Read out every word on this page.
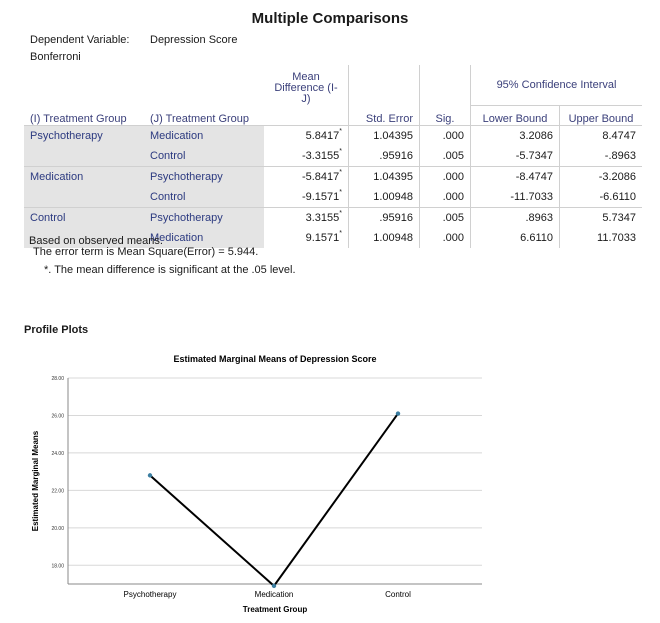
Multiple Comparisons
Dependent Variable: Depression Score
Bonferroni
		Mean
Difference (I-
J)			95% Confidence Interval	

(I) Treatment Group	(J) Treatment Group		Std. Error	Sig.	Lower Bound	Upper Bound
Psychotherapy	Medication	5.8417*	1.04395	.000	3.2086	8.4747
	Control	-3.3155*	.95916	.005	-5.7347	-.8963
Medication	Psychotherapy	-5.8417*	1.04395	.000	-8.4747	-3.2086
	Control	-9.1571*	1.00948	.000	-11.7033	-6.6110
Control	Psychotherapy	3.3155*	.95916	.005	.8963	5.7347
	Medication	9.1571*	1.00948	.000	6.6110	11.7033
Based on observed means.
The error term is Mean Square(Error) = 5.944.
*. The mean difference is significant at the .05 level.
Profile Plots
Estimated Marginal Means of Depression Score
18.00
20.00
22.00
24.00
26.00
28.00
Estimated Marginal Means
Psychotherapy	Medication	Control
Treatment Group
